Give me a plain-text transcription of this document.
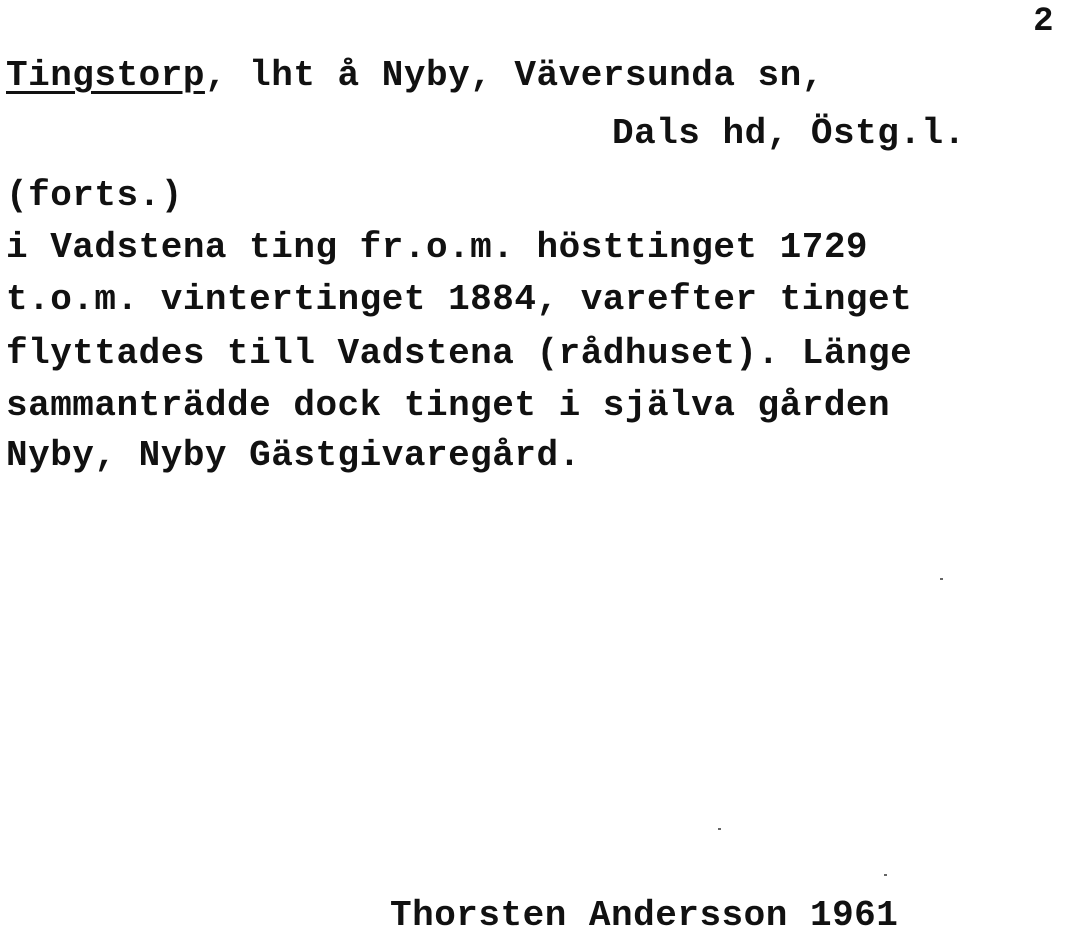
2
Tingstorp, lht å Nyby, Väversunda sn,
Dals hd, Östg.l.
(forts.)
i Vadstena ting fr.o.m. hösttinget 1729
t.o.m. vintertinget 1884, varefter tinget
flyttades till Vadstena (rådhuset). Länge
sammanträdde dock tinget i själva gården
Nyby, Nyby Gästgivaregård.
Thorsten Andersson 1961
